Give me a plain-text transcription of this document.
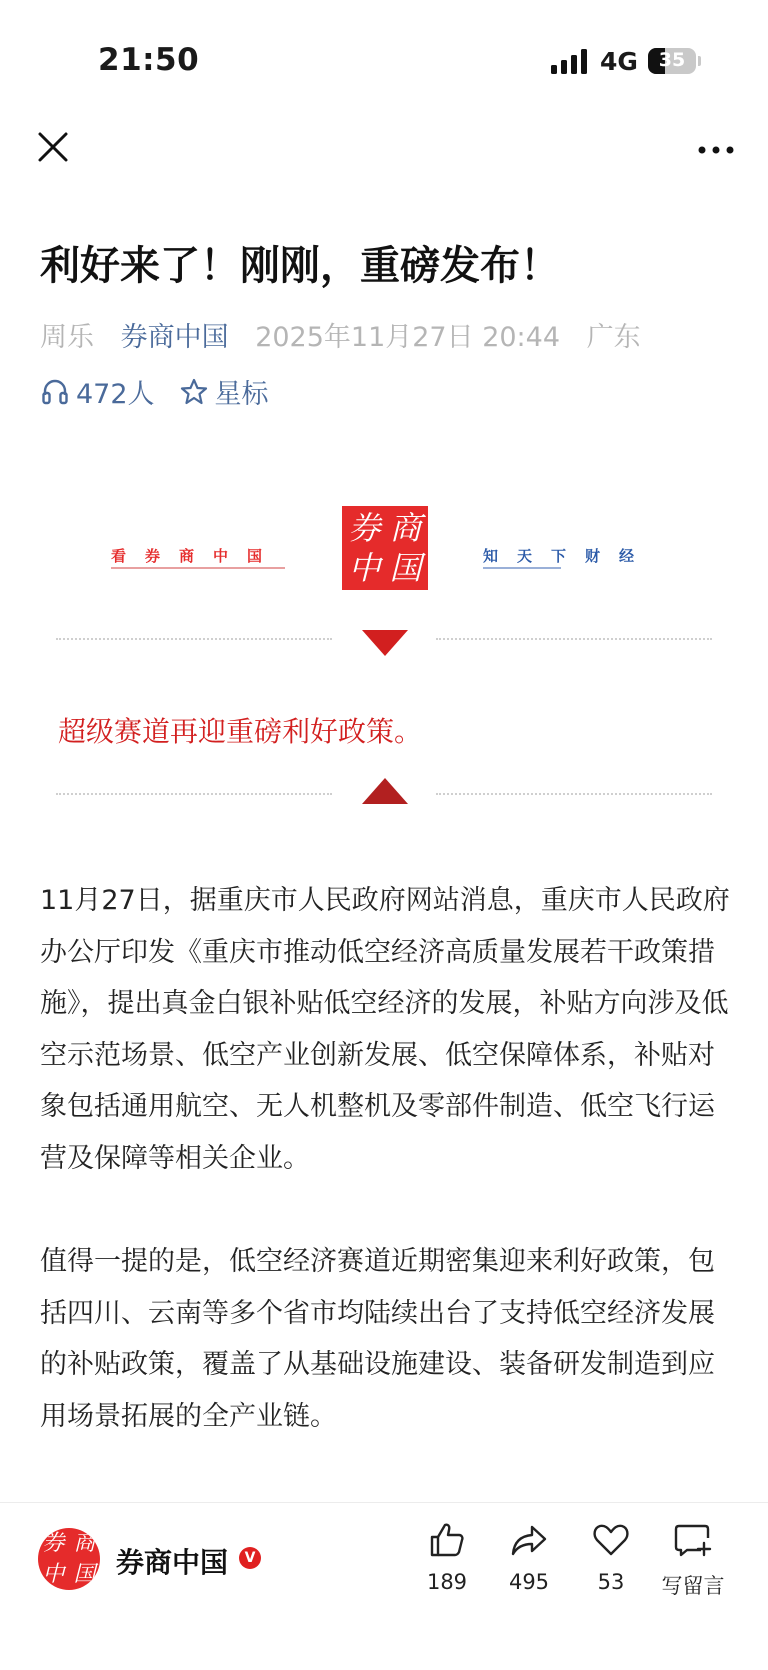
21:50	4G	35
利好来了！刚刚，重磅发布！
周乐 券商中国 2025年11月27日 20:44 广东
472人 星标
看券商中国
券 商
中 国	知天下财经
超级赛道再迎重磅利好政策。
11月27日，据重庆市人民政府网站消息，重庆市人民政府办公厅印发《重庆市推动低空经济高质量发展若干政策措施》，提出真金白银补贴低空经济的发展，补贴方向涉及低空示范场景、低空产业创新发展、低空保障体系，补贴对象包括通用航空、无人机整机及零部件制造、低空飞行运营及保障等相关企业。
值得一提的是，低空经济赛道近期密集迎来利好政策，包括四川、云南等多个省市均陆续出台了支持低空经济发展的补贴政策，覆盖了从基础设施建设、装备研发制造到应用场景拓展的全产业链。
券 商
中 国 券商中国	V
189	495	53	写留言
